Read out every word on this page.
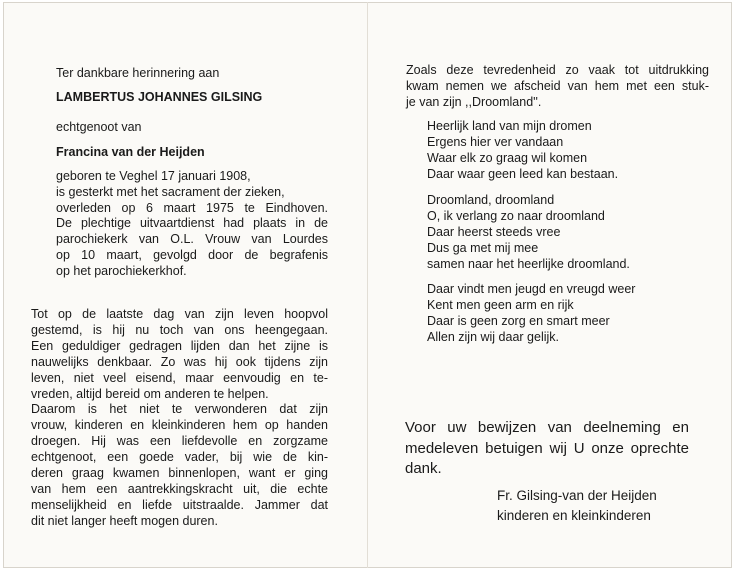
Ter dankbare herinnering aan
LAMBERTUS JOHANNES GILSING
echtgenoot van
Francina van der Heijden
geboren te Veghel 17 januari 1908,
is gesterkt met het sacrament der zieken,
overleden op 6 maart 1975 te Eindhoven.
De plechtige uitvaartdienst had plaats in de
parochiekerk van O.L. Vrouw van Lourdes
op 10 maart, gevolgd door de begrafenis
op het parochiekerkhof.
Tot op de laatste dag van zijn leven hoopvol
gestemd, is hij nu toch van ons heengegaan.
Een geduldiger gedragen lijden dan het zijne is
nauwelijks denkbaar. Zo was hij ook tijdens zijn
leven, niet veel eisend, maar eenvoudig en te-
vreden, altijd bereid om anderen te helpen.
Daarom is het niet te verwonderen dat zijn
vrouw, kinderen en kleinkinderen hem op handen
droegen. Hij was een liefdevolle en zorgzame
echtgenoot, een goede vader, bij wie de kin-
deren graag kwamen binnenlopen, want er ging
van hem een aantrekkingskracht uit, die echte
menselijkheid en liefde uitstraalde. Jammer dat
dit niet langer heeft mogen duren.
Zoals deze tevredenheid zo vaak tot uitdrukking
kwam nemen we afscheid van hem met een stuk-
je van zijn ,,Droomland''.
Heerlijk land van mijn dromen
Ergens hier ver vandaan
Waar elk zo graag wil komen
Daar waar geen leed kan bestaan.
Droomland, droomland
O, ik verlang zo naar droomland
Daar heerst steeds vree
Dus ga met mij mee
samen naar het heerlijke droomland.
Daar vindt men jeugd en vreugd weer
Kent men geen arm en rijk
Daar is geen zorg en smart meer
Allen zijn wij daar gelijk.
Voor uw bewijzen van deelneming en
medeleven betuigen wij U onze oprechte
dank.
Fr. Gilsing-van der Heijden
kinderen en kleinkinderen
